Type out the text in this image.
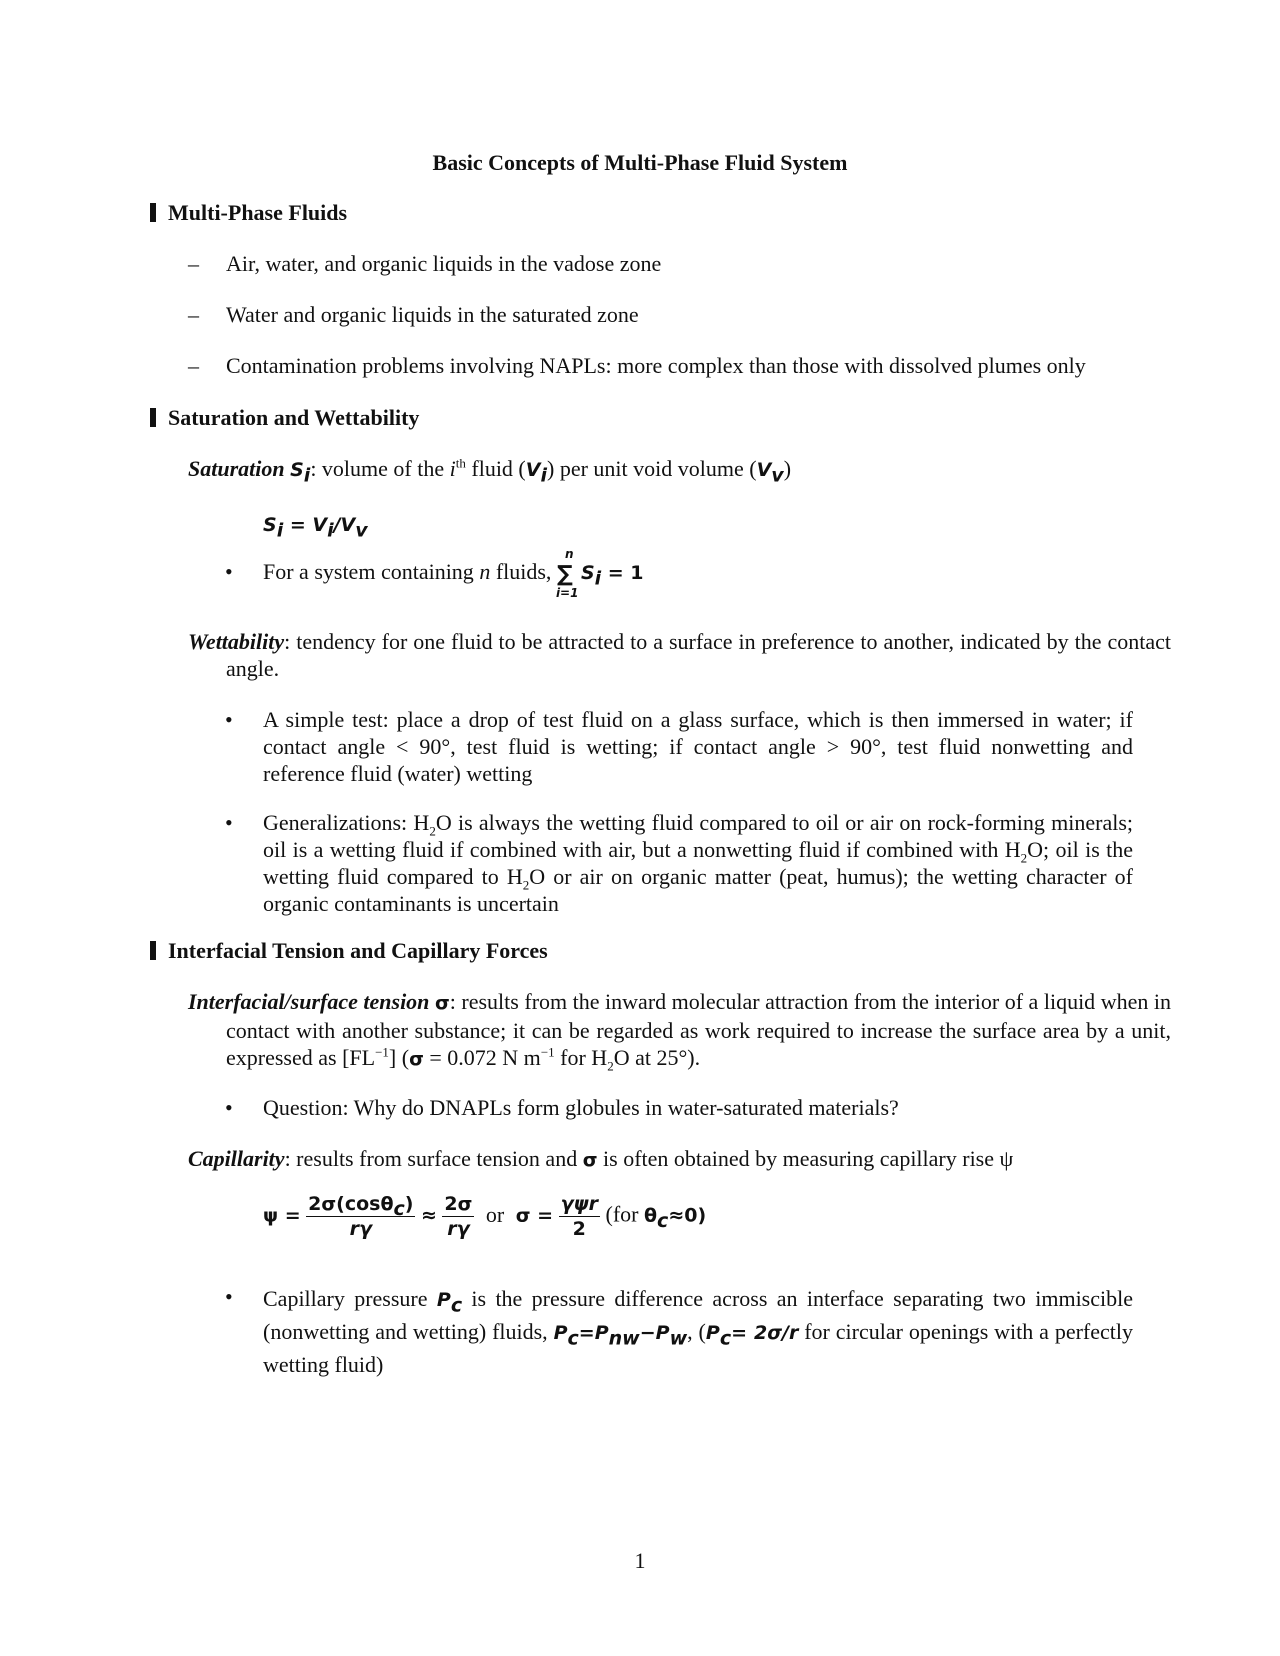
Basic Concepts of Multi-Phase Fluid System
Multi-Phase Fluids
– Air, water, and organic liquids in the vadose zone
– Water and organic liquids in the saturated zone
– Contamination problems involving NAPLs: more complex than those with dissolved plumes only
Saturation and Wettability
Saturation $S_i$: volume of the $i^{th}$ fluid $(V_i)$ per unit void volume $(V_v)$
$S_i = V_i/V_v$
• For a system containing n fluids,
n
∑
i=1
$S_i = 1$
Wettability: tendency for one fluid to be attracted to a surface in preference to another, indicated by the contact angle.
• A simple test: place a drop of test fluid on a glass surface, which is then immersed in water; if contact angle < 90°, test fluid is wetting; if contact angle > 90°, test fluid nonwetting and reference fluid (water) wetting
• Generalizations: $H_2O$ is always the wetting fluid compared to oil or air on rock-forming minerals; oil is a wetting fluid if combined with air, but a nonwetting fluid if combined with $H_2O$; oil is the wetting fluid compared to $H_2O$ or air on organic matter (peat, humus); the wetting character of organic contaminants is uncertain
Interfacial Tension and Capillary Forces
Interfacial/surface tension σ: results from the inward molecular attraction from the interior of a liquid when in contact with another substance; it can be regarded as work required to increase the surface area by a unit, expressed as $[FL^{-1}] (\sigma = 0.072$ N $m^{-1}$ for $H_2O$ at 25°).
• Question: Why do DNAPLs form globules in water-saturated materials?
Capillarity: results from surface tension and σ is often obtained by measuring capillary rise ψ
$\psi = \frac{2\sigma(\cos\theta_c)}{r\gamma} \approx \frac{2\sigma}{r\gamma}$ or $\sigma = \frac{\text{γψr}}{2} (for$ $\theta_c\approx 0$)
• Capillary pressure $P_c$ is the pressure difference across an interface separating two immiscible (nonwetting and wetting) fluids, $P_c=P_{nw}-P_w$, ($P_c= 2\sigma/r$ for circular openings with a perfectly wetting fluid)
1
